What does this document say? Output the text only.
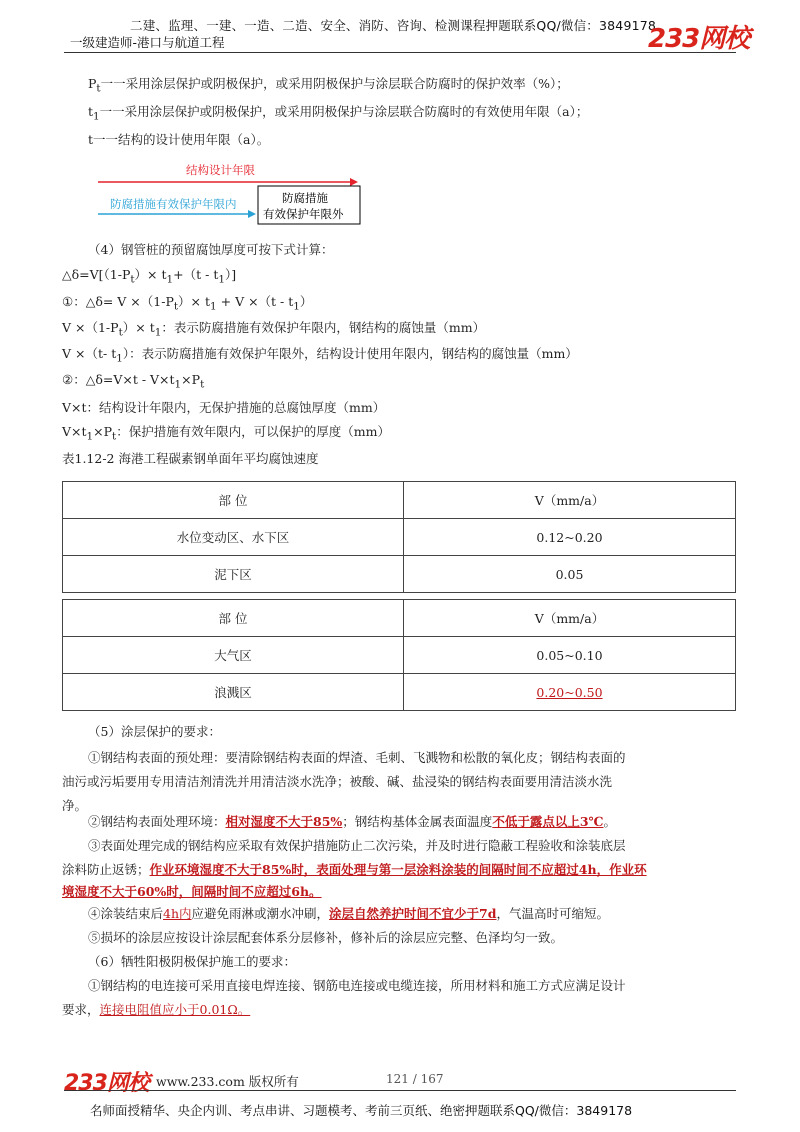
二建、监理、一建、一造、二造、安全、消防、咨询、检测课程押题联系QQ/微信：3849178
一级建造师-港口与航道工程	233网校
$P_t$一一采用涂层保护或阴极保护，或采用阴极保护与涂层联合防腐时的保护效率（%）；
$t_1$一一采用涂层保护或阴极保护，或采用阴极保护与涂层联合防腐时的有效使用年限（a）；
t一一结构的设计使用年限（a）。
结构设计年限
防腐措施有效保护年限内	防腐措施
有效保护年限外
（4）钢管桩的预留腐蚀厚度可按下式计算：
$\triangle\delta=V[(1-P_t)\times t_1+(t - t_1)]$
①：△δ= $V \times(1-P_t)\times t_1 + V \times(t - t_1)$
$V \times(1-P_t)\times t_1$：表示防腐措施有效保护年限内，钢结构的腐蚀量（mm）
V ×（t- $t_1$）：表示防腐措施有效保护年限外，结构设计使用年限内，钢结构的腐蚀量（mm）
②：△δ=V×t - $V\times t_1\times P_t$
V×t：结构设计年限内，无保护措施的总腐蚀厚度（mm）
$V\times t_1\times P_t$：保护措施有效年限内，可以保护的厚度（mm）
表1.12-2 海港工程碳素钢单面年平均腐蚀速度
部 位	V（mm/a）
水位变动区、水下区	0.12~0.20
泥下区	0.05
部 位	V（mm/a）
大气区	0.05~0.10
浪溅区	0.20~0.50
（5）涂层保护的要求：
①钢结构表面的预处理：要清除钢结构表面的焊渣、毛刺、飞溅物和松散的氧化皮；钢结构表面的
油污或污垢要用专用清洁剂清洗并用清洁淡水洗净；被酸、碱、盐浸染的钢结构表面要用清洁淡水洗
净。
②钢结构表面处理环境：相对湿度不大于85%；钢结构基体金属表面温度不低于露点以上3℃。
③表面处理完成的钢结构应采取有效保护措施防止二次污染，并及时进行隐蔽工程验收和涂装底层
涂料防止返锈；作业环境湿度不大于85%时，表面处理与第一层涂料涂装的间隔时间不应超过4h，作业环
境湿度不大于60%时，间隔时间不应超过6h。
④涂装结束后4h内应避免雨淋或潮水冲刷，涂层自然养护时间不宜少于7d，气温高时可缩短。
⑤损坏的涂层应按设计涂层配套体系分层修补，修补后的涂层应完整、色泽均匀一致。
（6）牺牲阳极阴极保护施工的要求：
①钢结构的电连接可采用直接电焊连接、钢筋电连接或电缆连接，所用材料和施工方式应满足设计
要求，连接电阻值应小于0.01Ω。
233网校 www.233.com 版权所有	121 / 167
名师面授精华、央企内训、考点串讲、习题模考、考前三页纸、绝密押题联系QQ/微信：3849178
